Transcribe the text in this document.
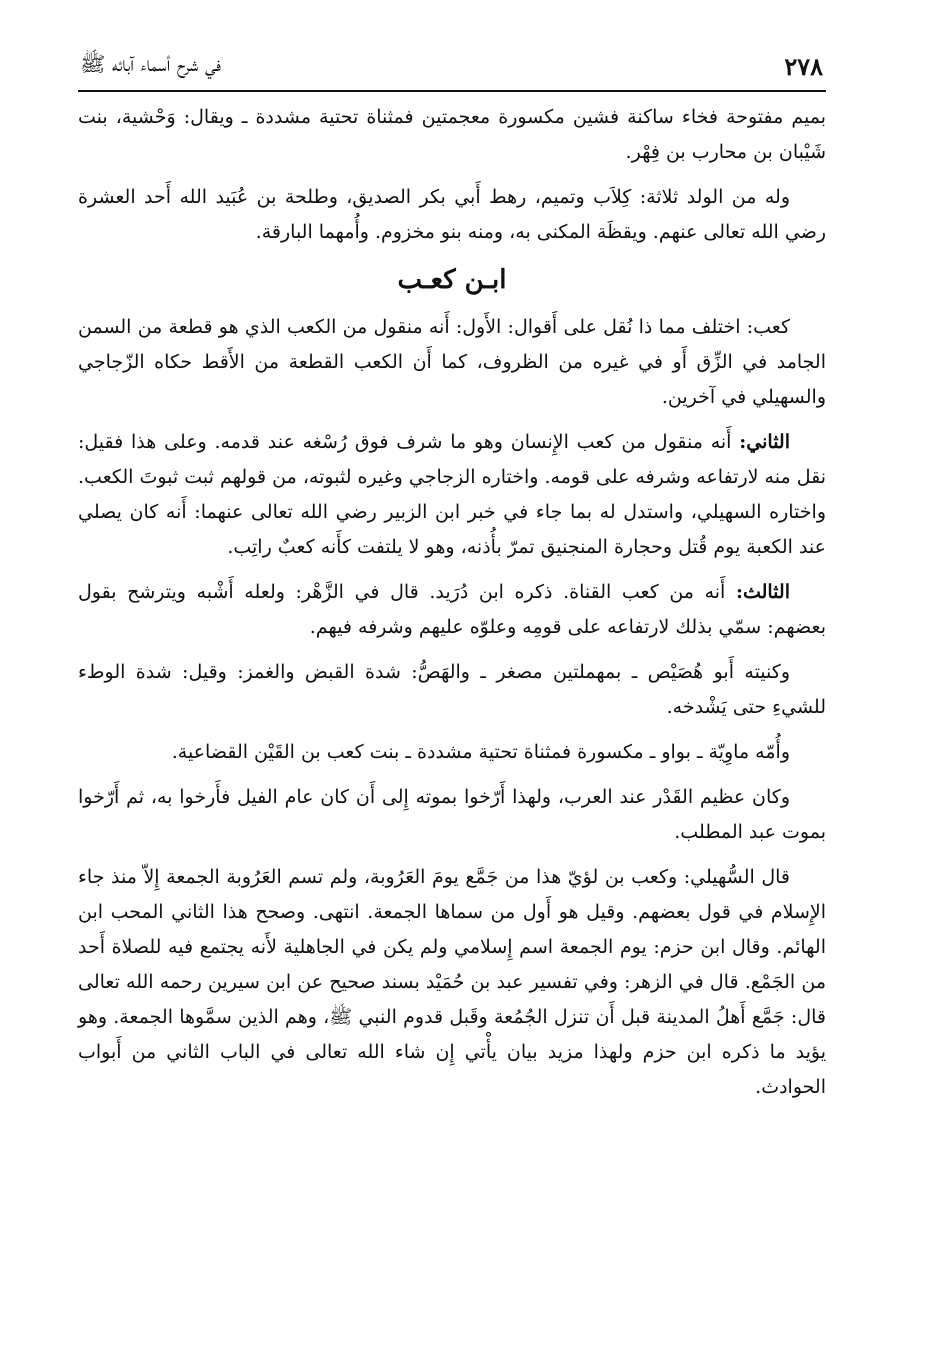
٢٧٨
في شرح أسماء آبائه ﷺ

بميم مفتوحة فخاء ساكنة فشين مكسورة معجمتين فمثناة تحتية مشددة ـ ويقال: وَحْشية، بنت شَيْبان بن محارب بن فِهْر.

وله من الولد ثلاثة: كِلاَب وتميم، رهط أَبي بكر الصديق، وطلحة بن عُبَيد الله أَحد العشرة رضي الله تعالى عنهم. ويقظَة المكنى به، ومنه بنو مخزوم. وأُمهما البارقة.

ابـن كعـب

كعب: اختلف مما ذا نُقل على أَقوال: الأَول: أَنه منقول من الكعب الذي هو قطعة من السمن الجامد في الزِّق أَو في غيره من الظروف، كما أَن الكعب القطعة من الأَقط حكاه الزّجاجي والسهيلي في آخرين.

الثاني: أَنه منقول من كعب الإِنسان وهو ما شرف فوق رُسْغه عند قدمه. وعلى هذا فقيل: نقل منه لارتفاعه وشرفه على قومه. واختاره الزجاجي وغيره لثبوته، من قولهم ثبت ثبوتَ الكعب. واختاره السهيلي، واستدل له بما جاء في خبر ابن الزبير رضي الله تعالى عنهما: أَنه كان يصلي عند الكعبة يوم قُتل وحجارة المنجنيق تمرّ بأُذنه، وهو لا يلتفت كأَنه كعبٌ راتِب.

الثالث: أَنه من كعب القناة. ذكره ابن دُرَيد. قال في الزَّهْر: ولعله أَشْبه ويترشح بقول بعضهم: سمّي بذلك لارتفاعه على قومِه وعلوّه عليهم وشرفه فيهم.

وكنيته أَبو هُصَيْص ـ بمهملتين مصغر ـ والهَصُّ: شدة القبض والغمز: وقيل: شدة الوطء للشيءِ حتى يَشْدخه.

وأُمّه ماوِيّة ـ بواو ـ مكسورة فمثناة تحتية مشددة ـ بنت كعب بن القَيْن القضاعية.

وكان عظيم القَدْر عند العرب، ولهذا أَرّخوا بموته إِلى أَن كان عام الفيل فأَرخوا به، ثم أَرّخوا بموت عبد المطلب.

قال السُّهيلي: وكعب بن لؤيّ هذا من جَمَّع يومَ العَرُوبة، ولم تسم العَرُوبة الجمعة إِلاّ منذ جاء الإِسلام في قول بعضهم. وقيل هو أَول من سماها الجمعة. انتهى. وصحح هذا الثاني المحب ابن الهائم. وقال ابن حزم: يوم الجمعة اسم إِسلامي ولم يكن في الجاهلية لأَنه يجتمع فيه للصلاة أَحد من الجَمْع. قال في الزهر: وفي تفسير عبد بن حُمَيْد بسند صحيح عن ابن سيرين رحمه الله تعالى قال: جَمَّع أَهلُ المدينة قبل أَن تنزل الجُمُعة وقَبل قدوم النبي ﷺ، وهم الذين سمَّوها الجمعة. وهو يؤيد ما ذكره ابن حزم ولهذا مزيد بيان يأْتي إِن شاء الله تعالى في الباب الثاني من أَبواب الحوادث.
